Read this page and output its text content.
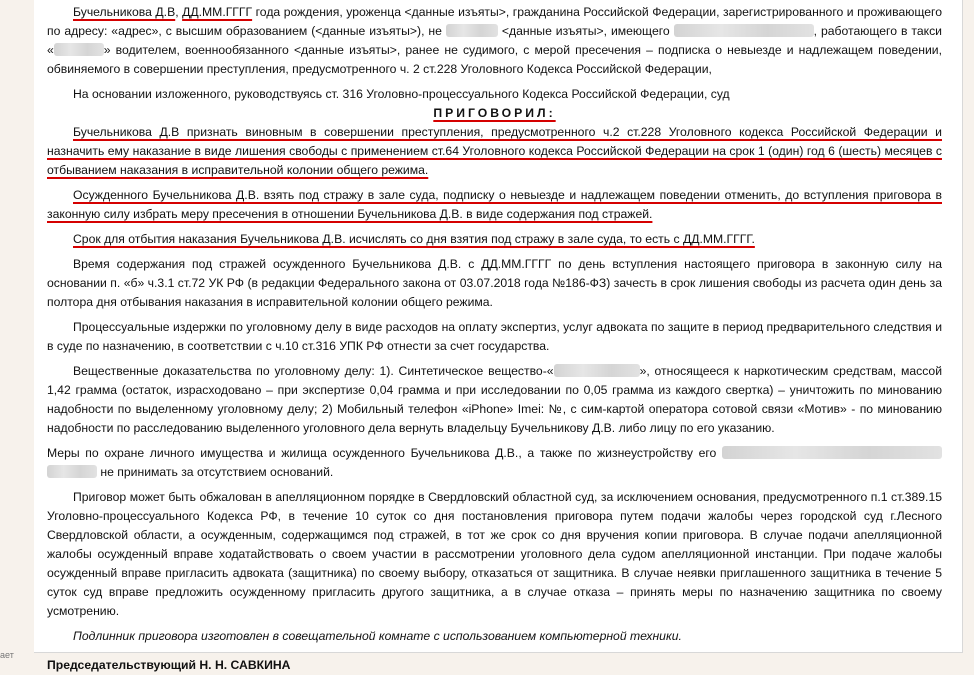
ает

Бучельникова Д.В, ДД.ММ.ГГГГ года рождения, уроженца <данные изъяты>, гражданина Российской Федерации, зарегистрированного и проживающего по адресу: «адрес», с высшим образованием (<данные изъяты>), не	<данные изъяты>, имеющего	, работающего в такси «	» водителем, военнообязанного <данные изъяты>, ранее не судимого, с мерой пресечения – подписка о невыезде и надлежащем поведении, обвиняемого в совершении преступления, предусмотренного ч. 2 ст.228 Уголовного Кодекса Российской Федерации,

На основании изложенного, руководствуясь ст. 316 Уголовно-процессуального Кодекса Российской Федерации, суд

ПРИГОВОРИЛ:

Бучельникова Д.В признать виновным в совершении преступления, предусмотренного ч.2 ст.228 Уголовного кодекса Российской Федерации и назначить ему наказание в виде лишения свободы с применением ст.64 Уголовного кодекса Российской Федерации на срок 1 (один) год 6 (шесть) месяцев с отбыванием наказания в исправительной колонии общего режима.

Осужденного Бучельникова Д.В. взять под стражу в зале суда, подписку о невыезде и надлежащем поведении отменить, до вступления приговора в законную силу избрать меру пресечения в отношении Бучельникова Д.В. в виде содержания под стражей.

Срок для отбытия наказания Бучельникова Д.В. исчислять со дня взятия под стражу в зале суда, то есть с ДД.ММ.ГГГГ.

Время содержания под стражей осужденного Бучельникова Д.В. с ДД.ММ.ГГГГ по день вступления настоящего приговора в законную силу на основании п. «б» ч.3.1 ст.72 УК РФ (в редакции Федерального закона от 03.07.2018 года №186-ФЗ) зачесть в срок лишения свободы из расчета один день за полтора дня отбывания наказания в исправительной колонии общего режима.

Процессуальные издержки по уголовному делу в виде расходов на оплату экспертиз, услуг адвоката по защите в период предварительного следствия и в суде по назначению, в соответствии с ч.10 ст.316 УПК РФ отнести за счет государства.

Вещественные доказательства по уголовному делу: 1). Синтетическое вещество-«	», относящееся к наркотическим средствам, массой 1,42 грамма (остаток, израсходовано – при экспертизе 0,04 грамма и при исследовании по 0,05 грамма из каждого свертка) – уничтожить по минованию надобности по выделенному уголовному делу; 2) Мобильный телефон «iPhone» Imei: №, с сим-картой оператора сотовой связи «Мотив» - по минованию надобности по расследованию выделенного уголовного дела вернуть владельцу Бучельникову Д.В. либо лицу по его указанию.

Меры по охране личного имущества и жилища осужденного Бучельникова Д.В., а также по жизнеустройству его   не принимать за отсутствием оснований.

Приговор может быть обжалован в апелляционном порядке в Свердловский областной суд, за исключением основания, предусмотренного п.1 ст.389.15 Уголовно-процессуального Кодекса РФ, в течение 10 суток со дня постановления приговора путем подачи жалобы через городской суд г.Лесного Свердловской области, а осужденным, содержащимся под стражей, в тот же срок со дня вручения копии приговора. В случае подачи апелляционной жалобы осужденный вправе ходатайствовать о своем участии в рассмотрении уголовного дела судом апелляционной инстанции. При подаче жалобы осужденный вправе пригласить адвоката (защитника) по своему выбору, отказаться от защитника. В случае неявки приглашенного защитника в течение 5 суток суд вправе предложить осужденному пригласить другого защитника, а в случае отказа – принять меры по назначению защитника по своему усмотрению.

Подлинник приговора изготовлен в совещательной комнате с использованием компьютерной техники.

Председательствующий Н. Н. САВКИНА
